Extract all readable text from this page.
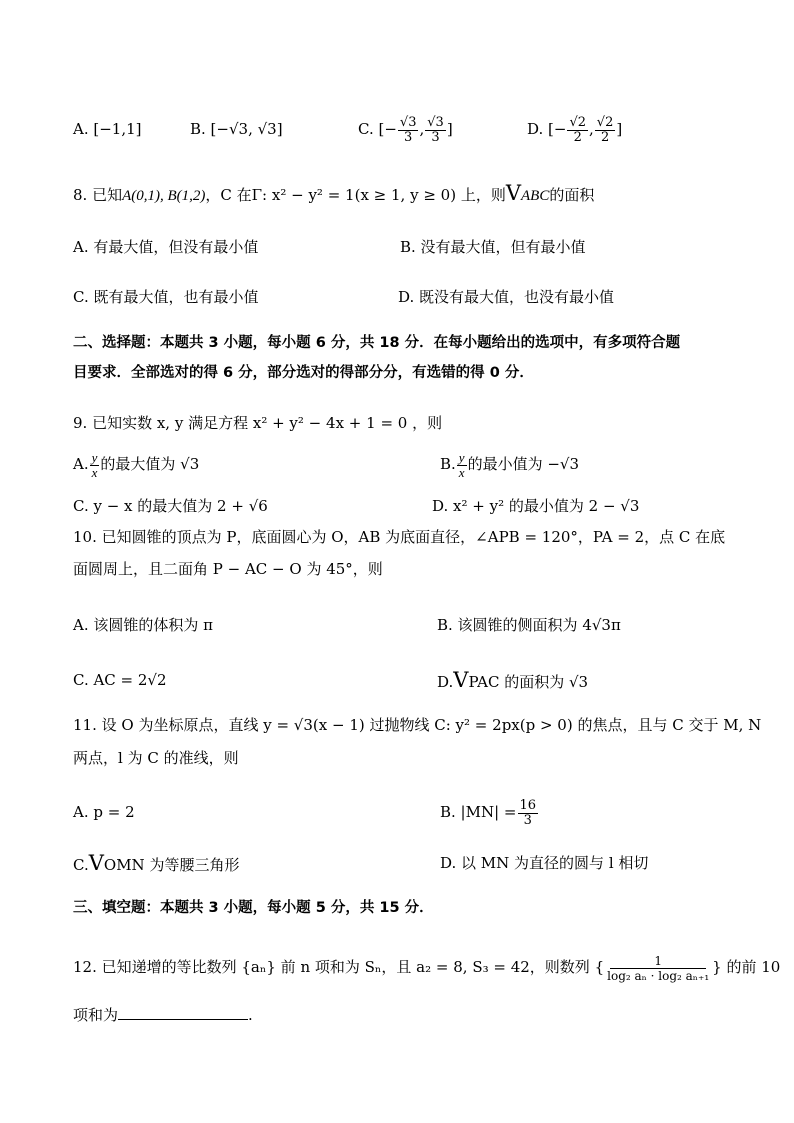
A. [−1,1]	B. [−√3, √3]	C. [− $\frac{√3}{3}$ , $\frac{√3}{3}$ ]	D. [− $\frac{√2}{2}$ , $\frac{√2}{2}$ ]
8. 已知A(0,1), B(1,2)，C 在Γ: x² − y² = 1(x ≥ 1, y ≥ 0) 上，则VABC的面积
A. 有最大值，但没有最小值	B. 没有最大值，但有最小值
C. 既有最大值，也有最小值	D. 既没有最大值，也没有最小值
二、选择题：本题共 3 小题，每小题 6 分，共 18 分．在每小题给出的选项中，有多项符合题
目要求．全部选对的得 6 分，部分选对的得部分分，有选错的得 0 分．
9. 已知实数 x, y 满足方程 x² + y² − 4x + 1 = 0 ，则
A. $\frac{y}{x}$ 的最大值为 √3	B. $\frac{y}{x}$ 的最小值为 −√3
C. y − x 的最大值为 2 + √6	D. x² + y² 的最小值为 2 − √3
10. 已知圆锥的顶点为 P，底面圆心为 O，AB 为底面直径，∠APB = 120°，PA = 2，点 C 在底
面圆周上，且二面角 P − AC − O 为 45°，则
A. 该圆锥的体积为 π	B. 该圆锥的侧面积为 4√3π
C. AC = 2√2	D.VPAC 的面积为 √3
11. 设 O 为坐标原点，直线 y = √3(x − 1) 过抛物线 C: y² = 2px(p > 0) 的焦点，且与 C 交于 M, N
两点，l 为 C 的准线，则
A. p = 2	B. $|MN| = \frac{16}{3}$
C.VOMN 为等腰三角形	D. 以 MN 为直径的圆与 l 相切
三、填空题：本题共 3 小题，每小题 5 分，共 15 分．
12. 已知递增的等比数列 {aₙ} 前 n 项和为 Sₙ，且 a₂ = 8, S₃ = 42，则数列 { $\frac{1}{\text{log₂ aₙ · log₂ aₙ₊₁}}$ } 的前 10
项和为	.
